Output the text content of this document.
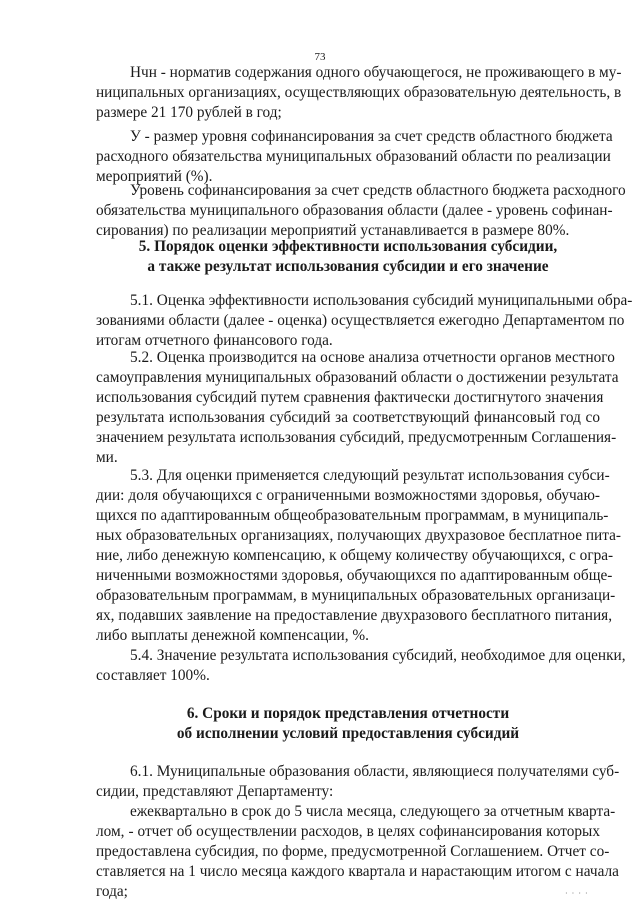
73
Нчн - норматив содержания одного обучающегося, не проживающего в му-
ниципальных организациях, осуществляющих образовательную деятельность, в
размере 21 170 рублей в год;
У - размер уровня софинансирования за счет средств областного бюджета
расходного обязательства муниципальных образований области по реализации
мероприятий (%).
Уровень софинансирования за счет средств областного бюджета расходного
обязательства муниципального образования области (далее - уровень софинан-
сирования) по реализации мероприятий устанавливается в размере 80%.
5. Порядок оценки эффективности использования субсидии,
а также результат использования субсидии и его значение
5.1. Оценка эффективности использования субсидий муниципальными обра-
зованиями области (далее - оценка) осуществляется ежегодно Департаментом по
итогам отчетного финансового года.
5.2. Оценка производится на основе анализа отчетности органов местного
самоуправления муниципальных образований области о достижении результата
использования субсидий путем сравнения фактически достигнутого значения
результата использования субсидий за соответствующий финансовый год со
значением результата использования субсидий, предусмотренным Соглашения-
ми.
5.3. Для оценки применяется следующий результат использования субси-
дии: доля обучающихся с ограниченными возможностями здоровья, обучаю-
щихся по адаптированным общеобразовательным программам, в муниципаль-
ных образовательных организациях, получающих двухразовое бесплатное пита-
ние, либо денежную компенсацию, к общему количеству обучающихся, с огра-
ниченными возможностями здоровья, обучающихся по адаптированным обще-
образовательным программам, в муниципальных образовательных организаци-
ях, подавших заявление на предоставление двухразового бесплатного питания,
либо выплаты денежной компенсации, %.
5.4. Значение результата использования субсидий, необходимое для оценки,
составляет 100%.
6. Сроки и порядок представления отчетности
об исполнении условий предоставления субсидий
6.1. Муниципальные образования области, являющиеся получателями суб-
сидии, представляют Департаменту:
ежеквартально в срок до 5 числа месяца, следующего за отчетным кварта-
лом, - отчет об осуществлении расходов, в целях софинансирования которых
предоставлена субсидия, по форме, предусмотренной Соглашением. Отчет со-
ставляется на 1 число месяца каждого квартала и нарастающим итогом с начала
года;	· · · ·
